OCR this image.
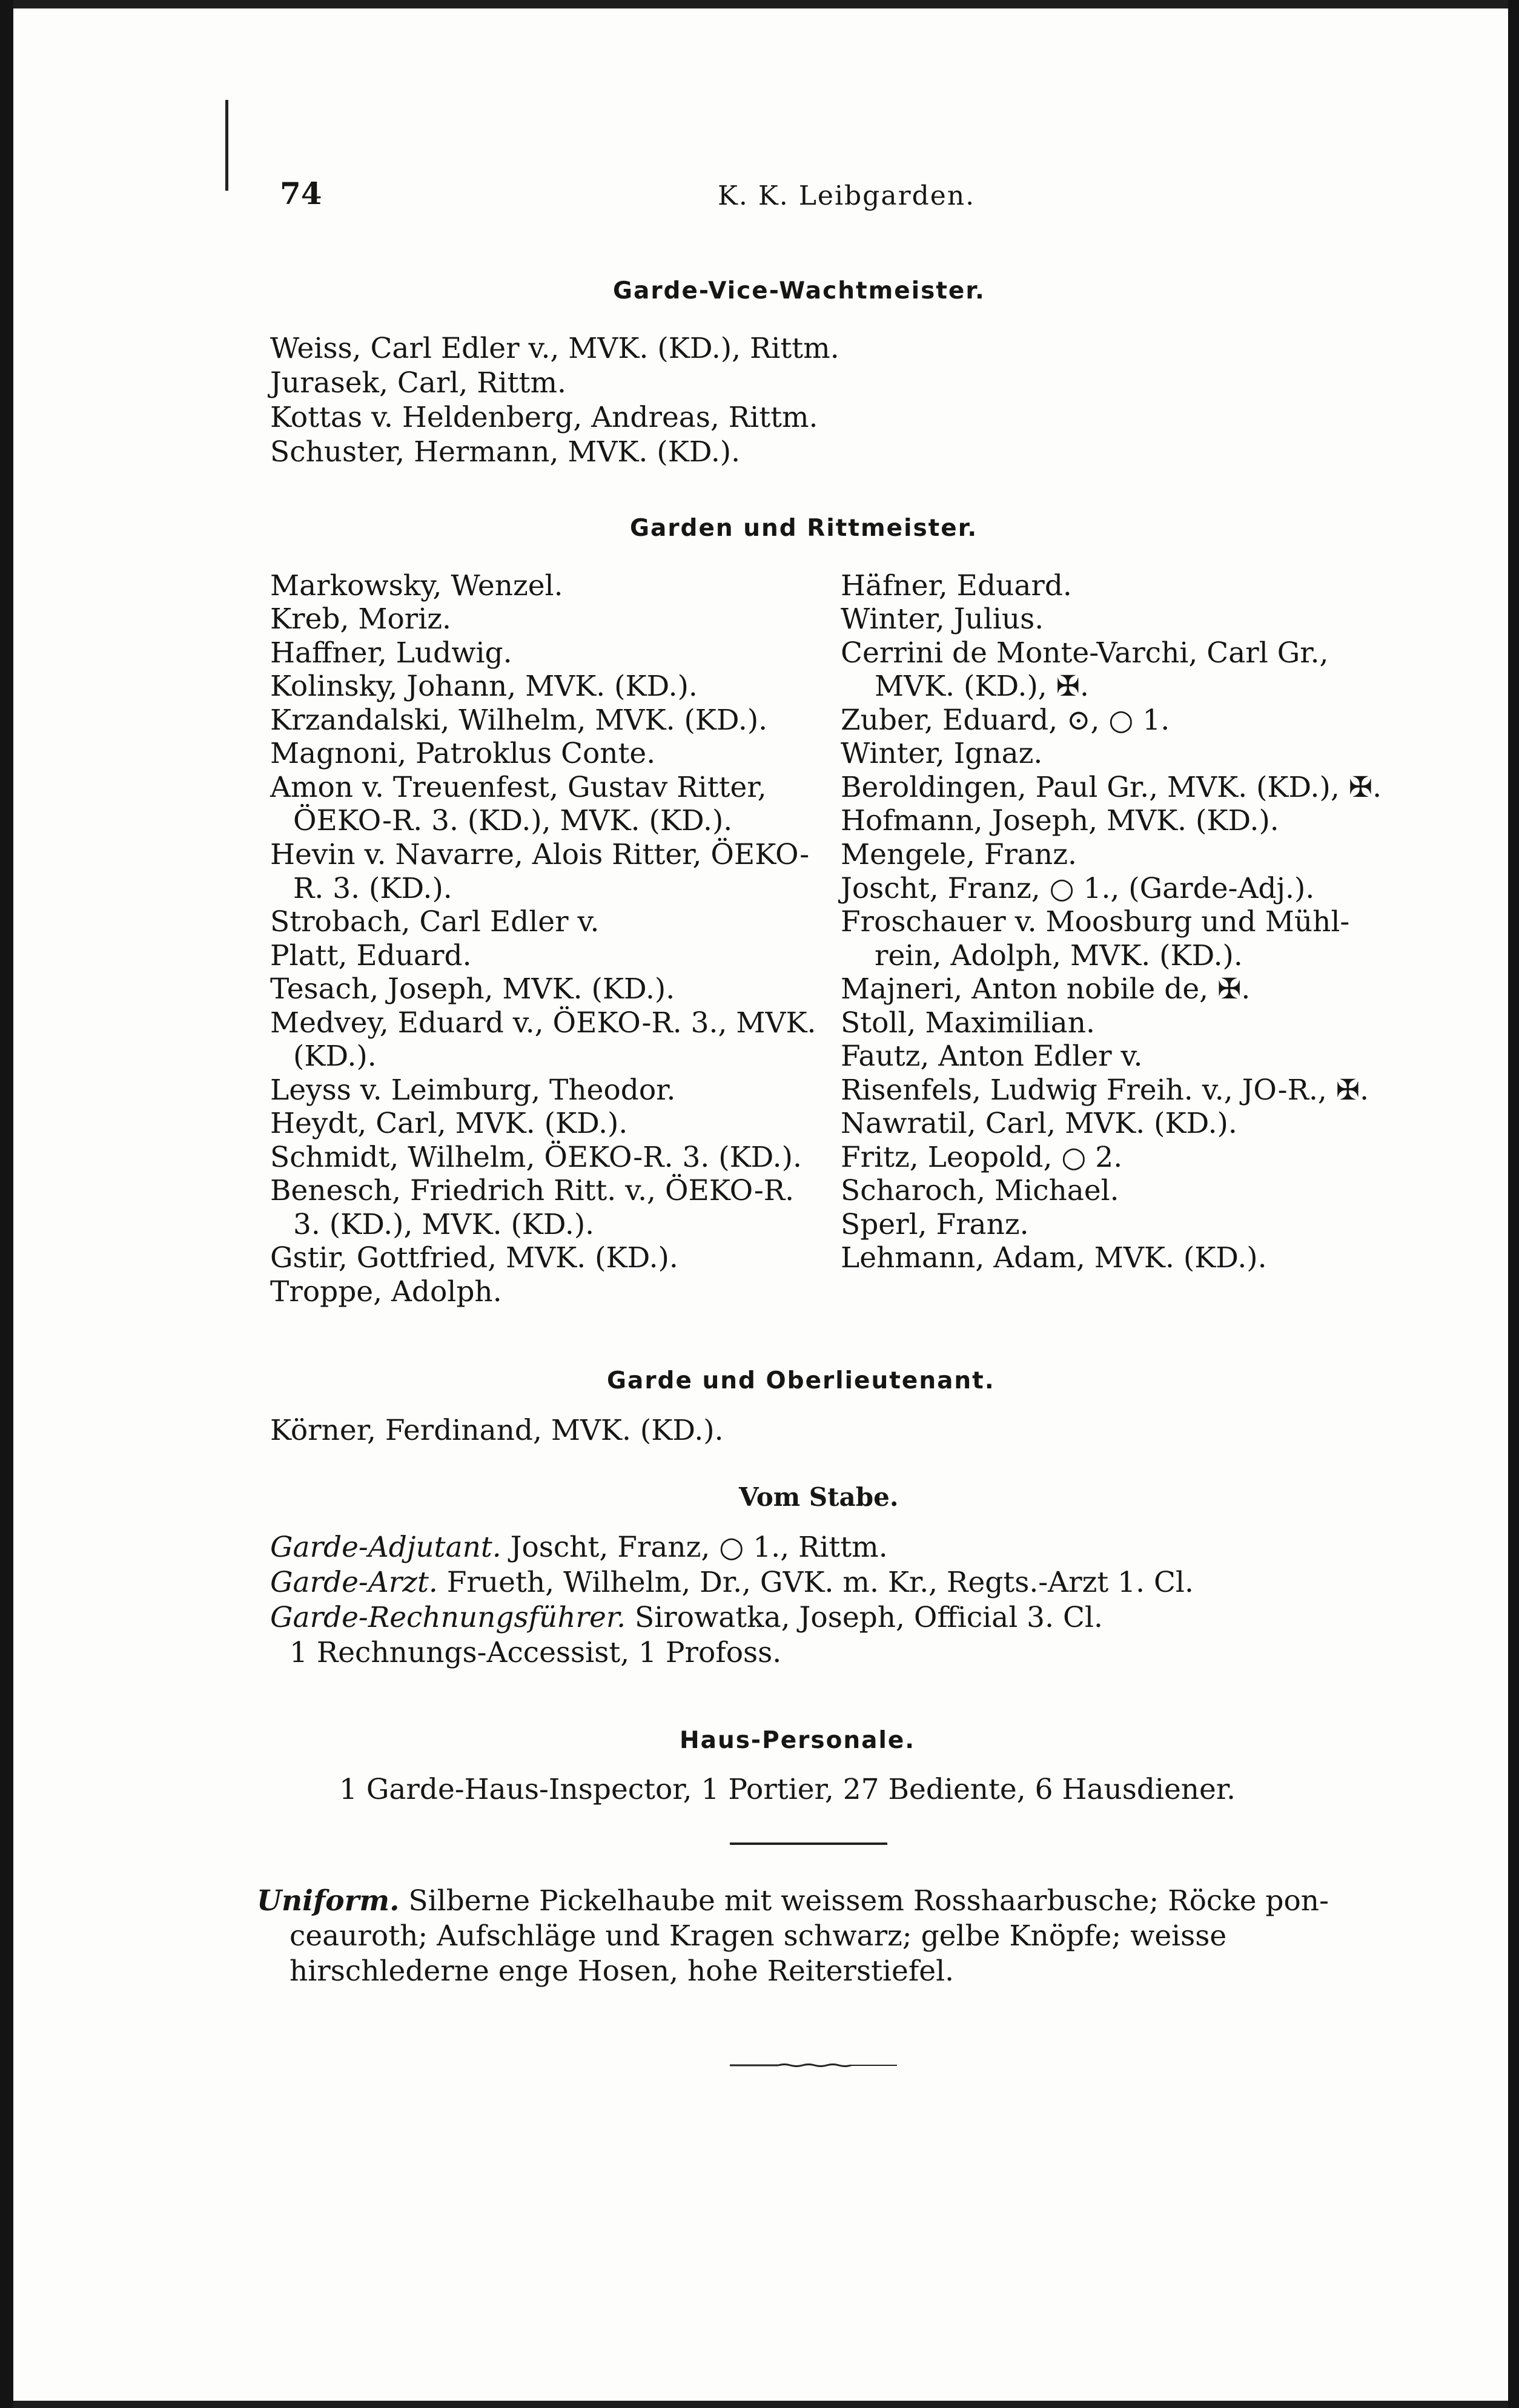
74	K. K. Leibgarden.
Garde-Vice-Wachtmeister.
Weiss, Carl Edler v., MVK. (KD.), Rittm.
Jurasek, Carl, Rittm.
Kottas v. Heldenberg, Andreas, Rittm.
Schuster, Hermann, MVK. (KD.).
Garden und Rittmeister.
Markowsky, Wenzel.
Kreb, Moriz.
Haffner, Ludwig.
Kolinsky, Johann, MVK. (KD.).
Krzandalski, Wilhelm, MVK. (KD.).
Magnoni, Patroklus Conte.
Amon v. Treuenfest, Gustav Ritter,
ÖEKO-R. 3. (KD.), MVK. (KD.).
Hevin v. Navarre, Alois Ritter, ÖEKO-
R. 3. (KD.).
Strobach, Carl Edler v.
Platt, Eduard.
Tesach, Joseph, MVK. (KD.).
Medvey, Eduard v., ÖEKO-R. 3., MVK.
(KD.).
Leyss v. Leimburg, Theodor.
Heydt, Carl, MVK. (KD.).
Schmidt, Wilhelm, ÖEKO-R. 3. (KD.).
Benesch, Friedrich Ritt. v., ÖEKO-R.
3. (KD.), MVK. (KD.).
Gstir, Gottfried, MVK. (KD.).
Troppe, Adolph.
Häfner, Eduard.
Winter, Julius.
Cerrini de Monte-Varchi, Carl Gr.,
MVK. (KD.), ✠.
Zuber, Eduard, ⊙, ○ 1.
Winter, Ignaz.
Beroldingen, Paul Gr., MVK. (KD.), ✠.
Hofmann, Joseph, MVK. (KD.).
Mengele, Franz.
Joscht, Franz, ○ 1., (Garde-Adj.).
Froschauer v. Moosburg und Mühl-
rein, Adolph, MVK. (KD.).
Majneri, Anton nobile de, ✠.
Stoll, Maximilian.
Fautz, Anton Edler v.
Risenfels, Ludwig Freih. v., JO-R., ✠.
Nawratil, Carl, MVK. (KD.).
Fritz, Leopold, ○ 2.
Scharoch, Michael.
Sperl, Franz.
Lehmann, Adam, MVK. (KD.).
Garde und Oberlieutenant.
Körner, Ferdinand, MVK. (KD.).
Vom Stabe.
Garde-Adjutant. Joscht, Franz, ○ 1., Rittm.
Garde-Arzt. Frueth, Wilhelm, Dr., GVK. m. Kr., Regts.-Arzt 1. Cl.
Garde-Rechnungsführer. Sirowatka, Joseph, Official 3. Cl.
1 Rechnungs-Accessist, 1 Profoss.
Haus-Personale.
1 Garde-Haus-Inspector, 1 Portier, 27 Bediente, 6 Hausdiener.
Uniform. Silberne Pickelhaube mit weissem Rosshaarbusche; Röcke pon-
ceauroth; Aufschläge und Kragen schwarz; gelbe Knöpfe; weisse
hirschlederne enge Hosen, hohe Reiterstiefel.
